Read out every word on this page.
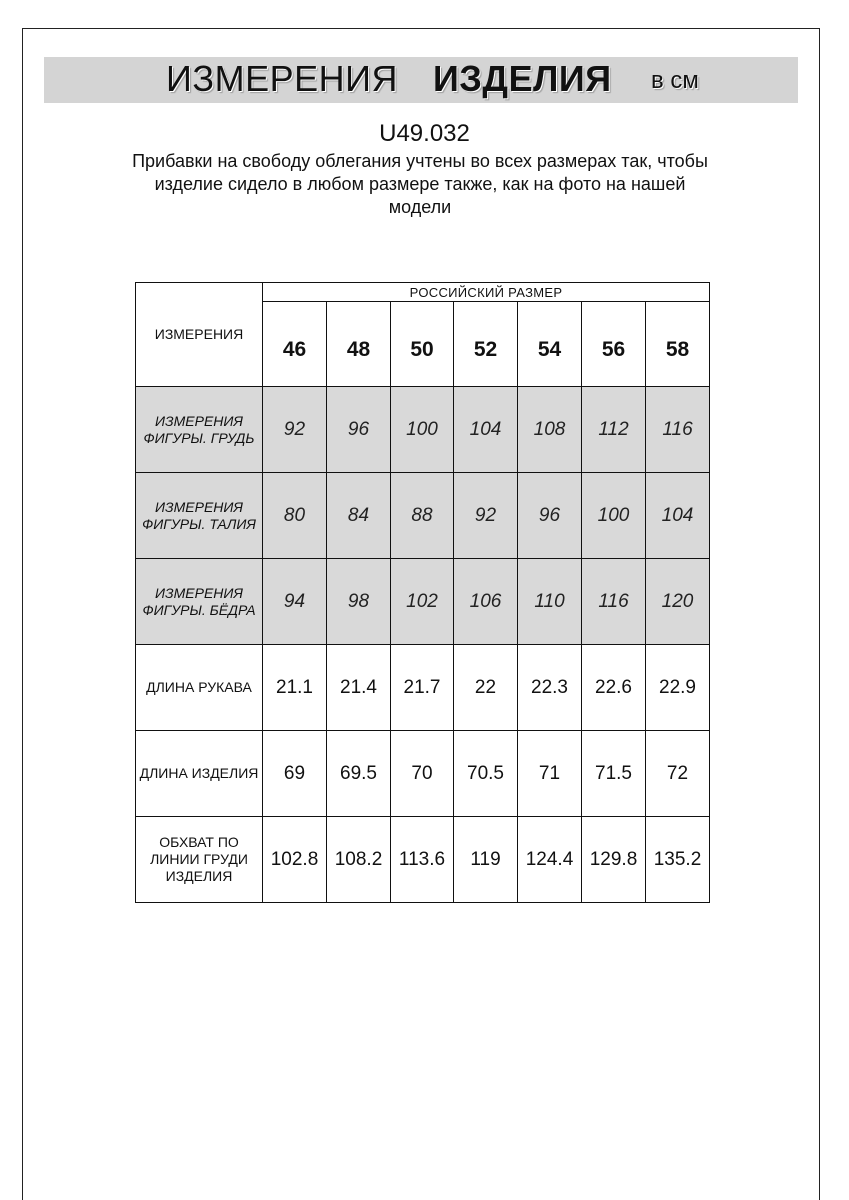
ИЗМЕРЕНИЯ ИЗДЕЛИЯ в см
U49.032
Прибавки на свободу облегания учтены во всех размерах так, чтобы изделие сидело в любом размере также, как на фото на нашей модели
ИЗМЕРЕНИЯ	РОССИЙСКИЙ РАЗМЕР						
	46	48	50	52	54	56	58
ИЗМЕРЕНИЯ ФИГУРЫ. ГРУДЬ	92	96	100	104	108	112	116
ИЗМЕРЕНИЯ ФИГУРЫ. ТАЛИЯ	80	84	88	92	96	100	104
ИЗМЕРЕНИЯ ФИГУРЫ. БЁДРА	94	98	102	106	110	116	120
ДЛИНА РУКАВА	21.1	21.4	21.7	22	22.3	22.6	22.9
ДЛИНА ИЗДЕЛИЯ	69	69.5	70	70.5	71	71.5	72
ОБХВАТ ПО ЛИНИИ ГРУДИ ИЗДЕЛИЯ	102.8	108.2	113.6	119	124.4	129.8	135.2
